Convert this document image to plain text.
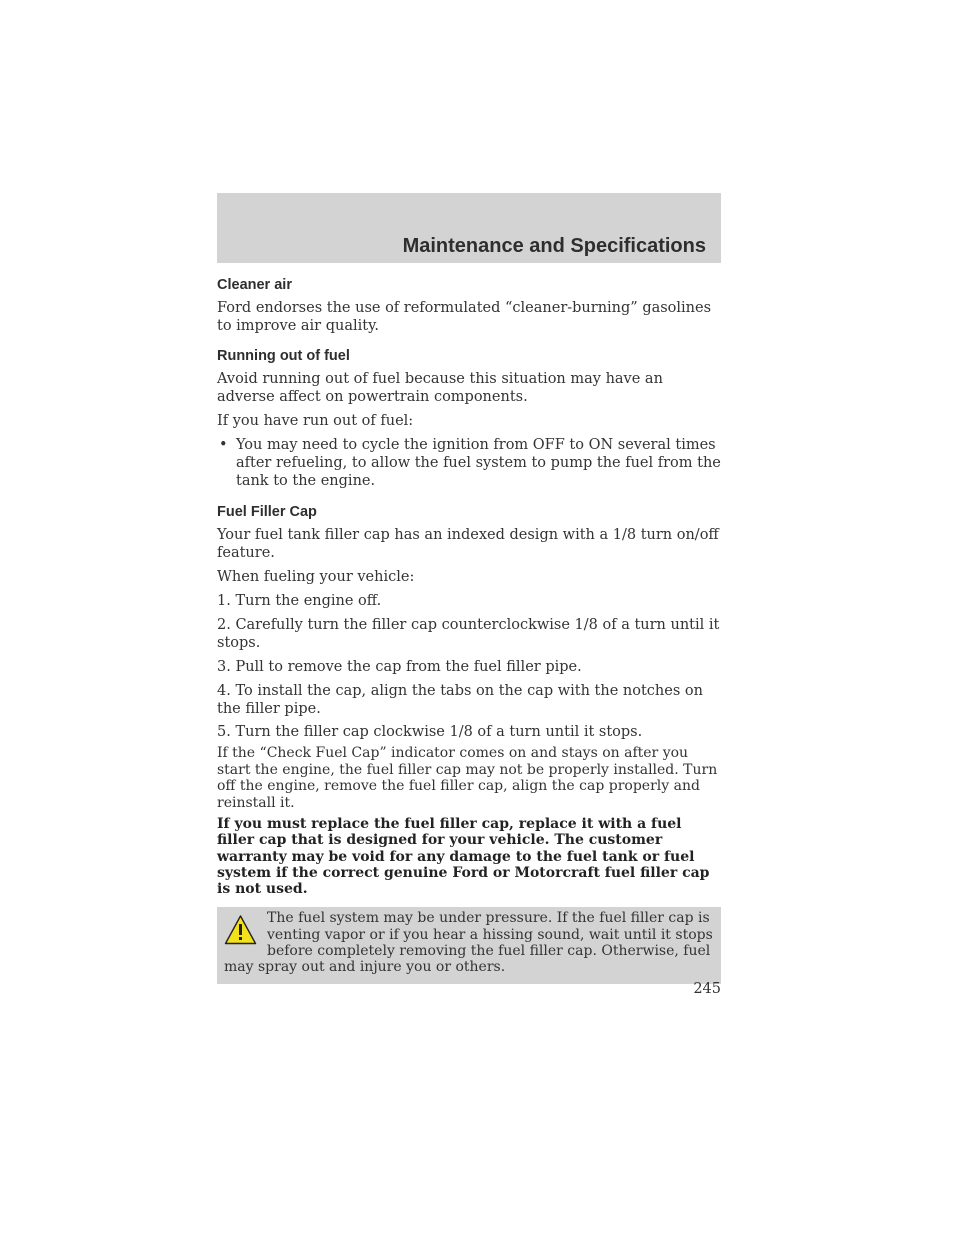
Maintenance and Specifications
Cleaner air

Ford endorses the use of reformulated “cleaner-burning” gasolines to improve air quality.

Running out of fuel

Avoid running out of fuel because this situation may have an adverse affect on powertrain components.

If you have run out of fuel:

• You may need to cycle the ignition from OFF to ON several times after refueling, to allow the fuel system to pump the fuel from the tank to the engine.
Fuel Filler Cap

Your fuel tank filler cap has an indexed design with a 1/8 turn on/off feature.

When fueling your vehicle:

1. Turn the engine off.

2. Carefully turn the filler cap counterclockwise 1/8 of a turn until it stops.

3. Pull to remove the cap from the fuel filler pipe.

4. To install the cap, align the tabs on the cap with the notches on the filler pipe.

5. Turn the filler cap clockwise 1/8 of a turn until it stops.

If the “Check Fuel Cap” indicator comes on and stays on after you start the engine, the fuel filler cap may not be properly installed. Turn off the engine, remove the fuel filler cap, align the cap properly and reinstall it.

If you must replace the fuel filler cap, replace it with a fuel filler cap that is designed for your vehicle. The customer warranty may be void for any damage to the fuel tank or fuel system if the correct genuine Ford or Motorcraft fuel filler cap is not used.

The fuel system may be under pressure. If the fuel filler cap is venting vapor or if you hear a hissing sound, wait until it stops before completely removing the fuel filler cap. Otherwise, fuel may spray out and injure you or others.
245
